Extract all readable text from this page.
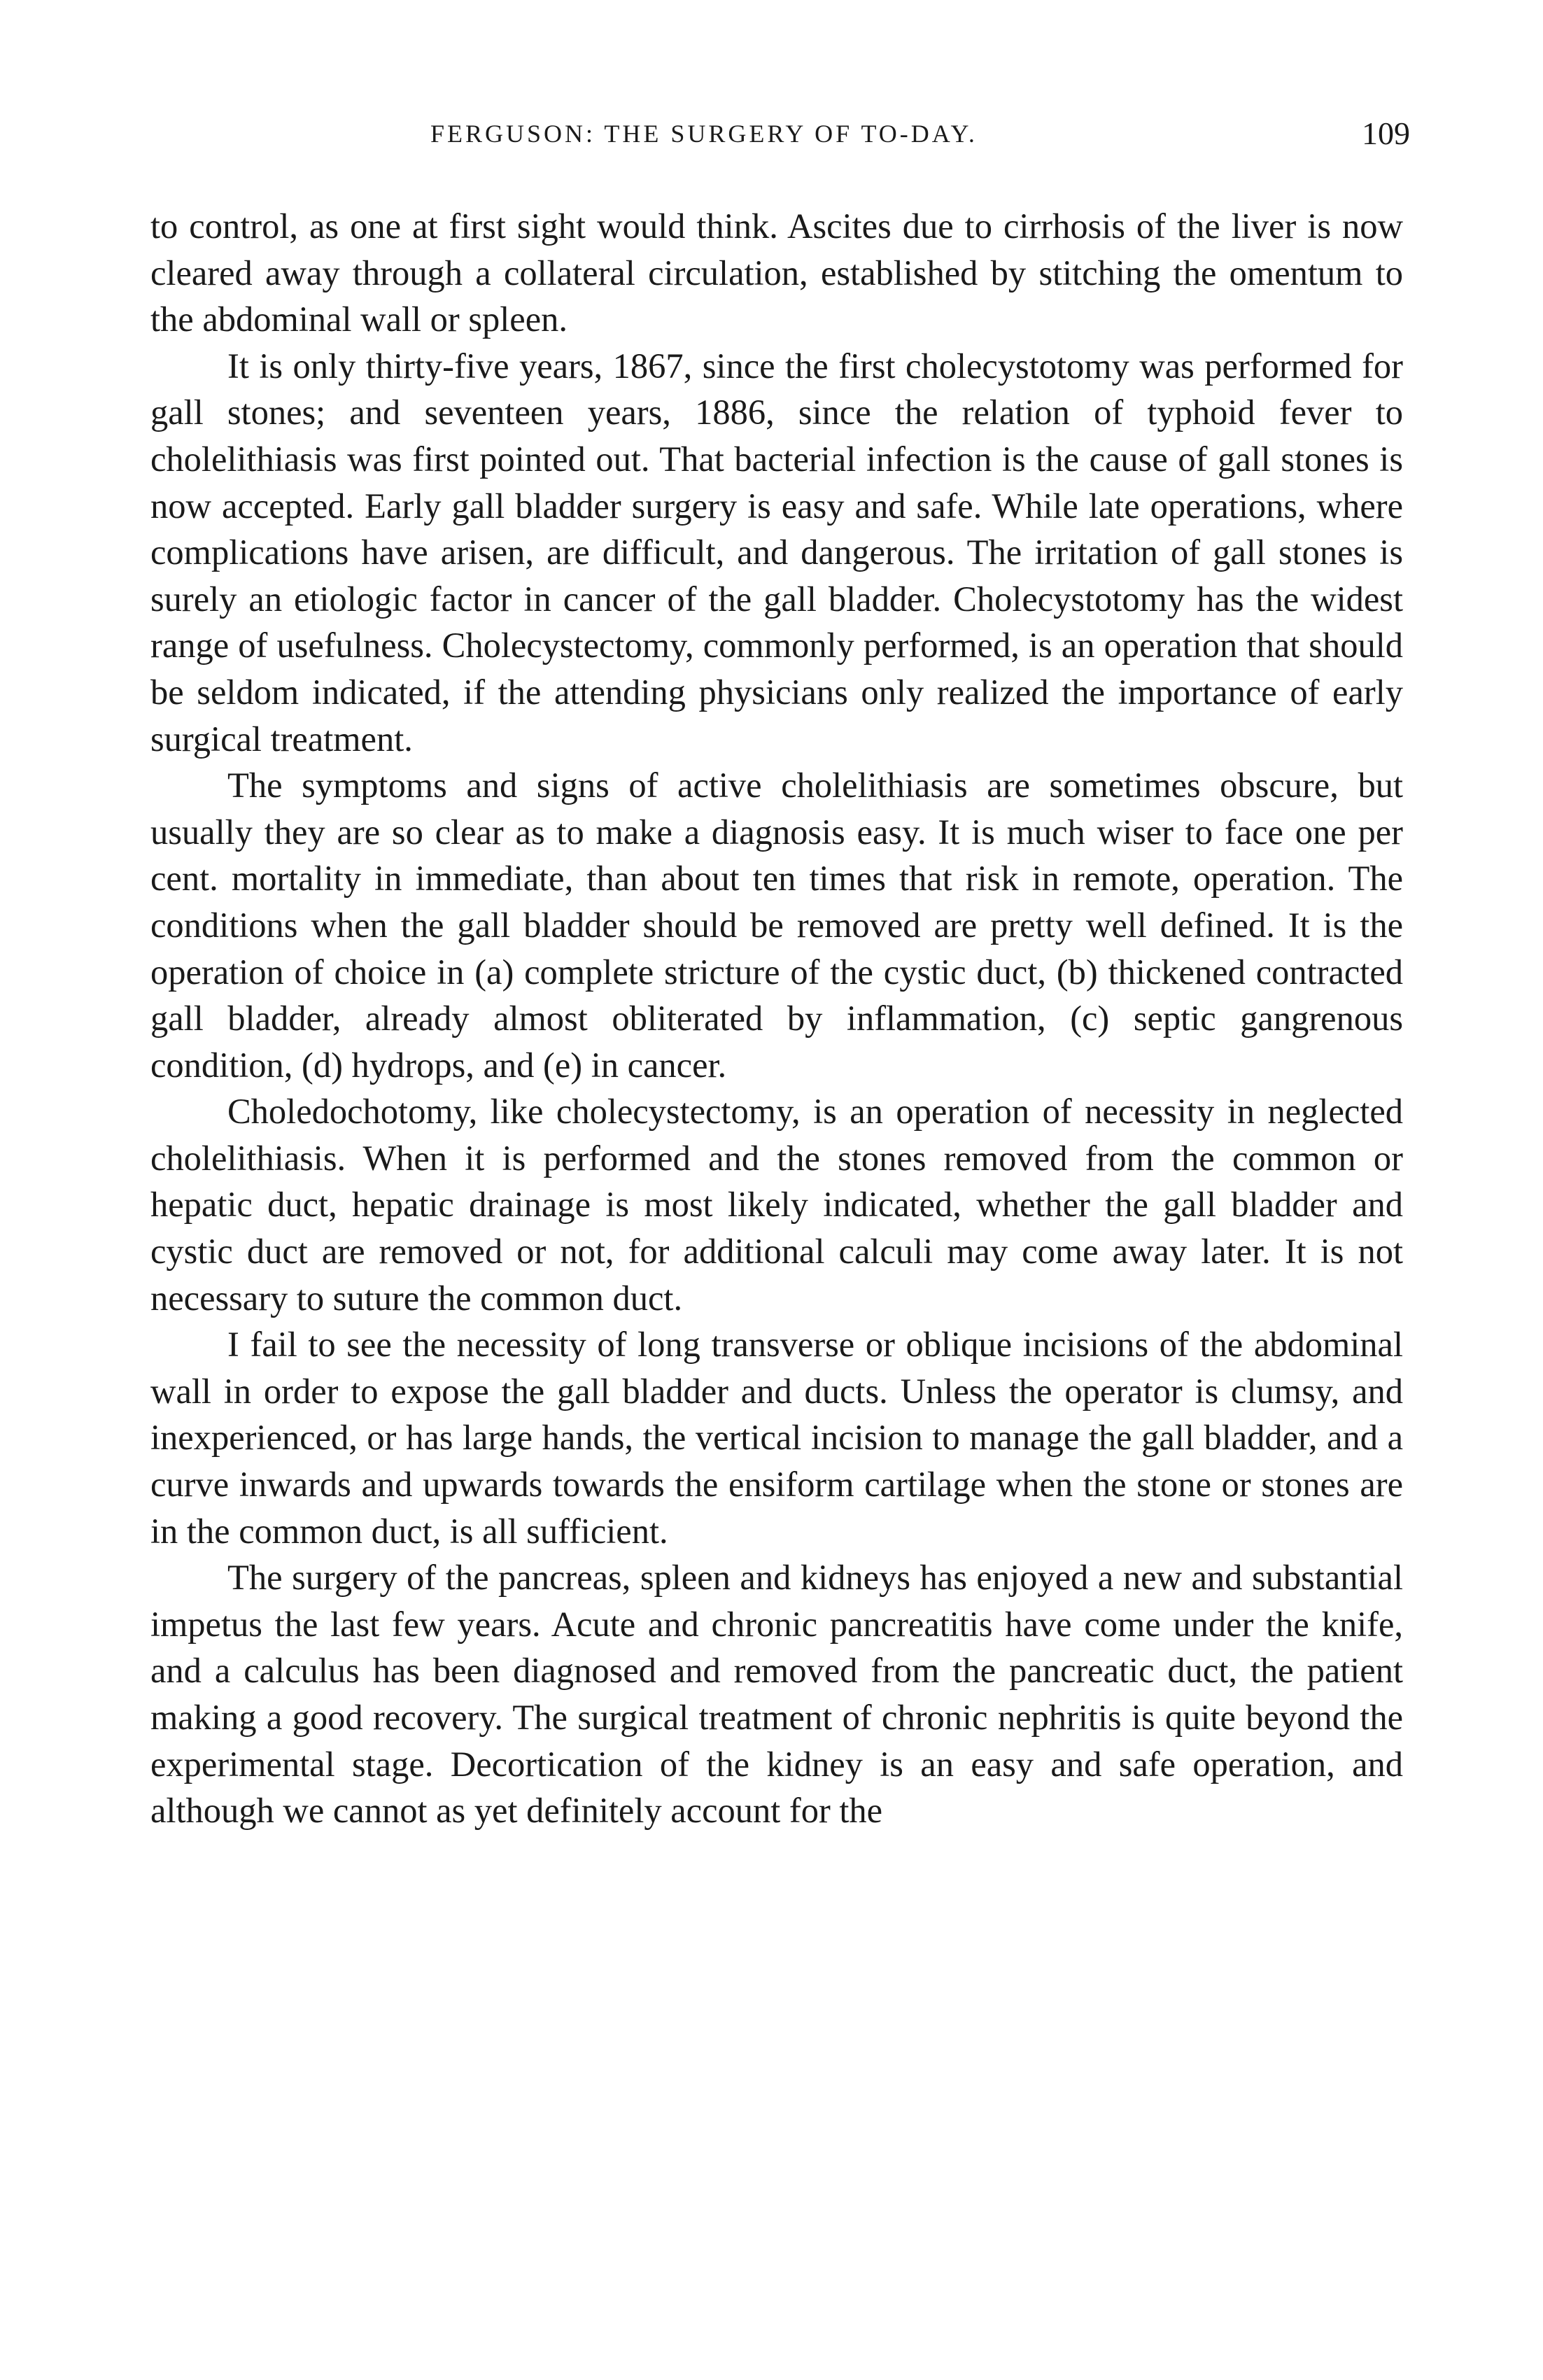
FERGUSON: THE SURGERY OF TO-DAY.	109

to control, as one at first sight would think. Ascites due to cirrhosis of the liver is now cleared away through a collateral circulation, established by stitching the omentum to the abdominal wall or spleen.

It is only thirty-five years, 1867, since the first cholecystotomy was performed for gall stones; and seventeen years, 1886, since the relation of typhoid fever to cholelithiasis was first pointed out. That bacterial infection is the cause of gall stones is now accepted. Early gall bladder surgery is easy and safe. While late operations, where complications have arisen, are difficult, and dangerous. The irritation of gall stones is surely an etiologic factor in cancer of the gall bladder. Cholecystotomy has the widest range of usefulness. Cholecystectomy, commonly performed, is an operation that should be seldom indicated, if the attending physicians only realized the importance of early surgical treatment.

The symptoms and signs of active cholelithiasis are sometimes obscure, but usually they are so clear as to make a diagnosis easy. It is much wiser to face one per cent. mortality in immediate, than about ten times that risk in remote, operation. The conditions when the gall bladder should be removed are pretty well defined. It is the operation of choice in (a) complete stricture of the cystic duct, (b) thickened contracted gall bladder, already almost obliterated by inflammation, (c) septic gangrenous condition, (d) hydrops, and (e) in cancer.

Choledochotomy, like cholecystectomy, is an operation of necessity in neglected cholelithiasis. When it is performed and the stones removed from the common or hepatic duct, hepatic drainage is most likely indicated, whether the gall bladder and cystic duct are removed or not, for additional calculi may come away later. It is not necessary to suture the common duct.

I fail to see the necessity of long transverse or oblique incisions of the abdominal wall in order to expose the gall bladder and ducts. Unless the operator is clumsy, and inexperienced, or has large hands, the vertical incision to manage the gall bladder, and a curve inwards and upwards towards the ensiform cartilage when the stone or stones are in the common duct, is all sufficient.

The surgery of the pancreas, spleen and kidneys has enjoyed a new and substantial impetus the last few years. Acute and chronic pancreatitis have come under the knife, and a calculus has been diagnosed and removed from the pancreatic duct, the patient making a good recovery. The surgical treatment of chronic nephritis is quite beyond the experimental stage. Decortication of the kidney is an easy and safe operation, and although we cannot as yet definitely account for the
